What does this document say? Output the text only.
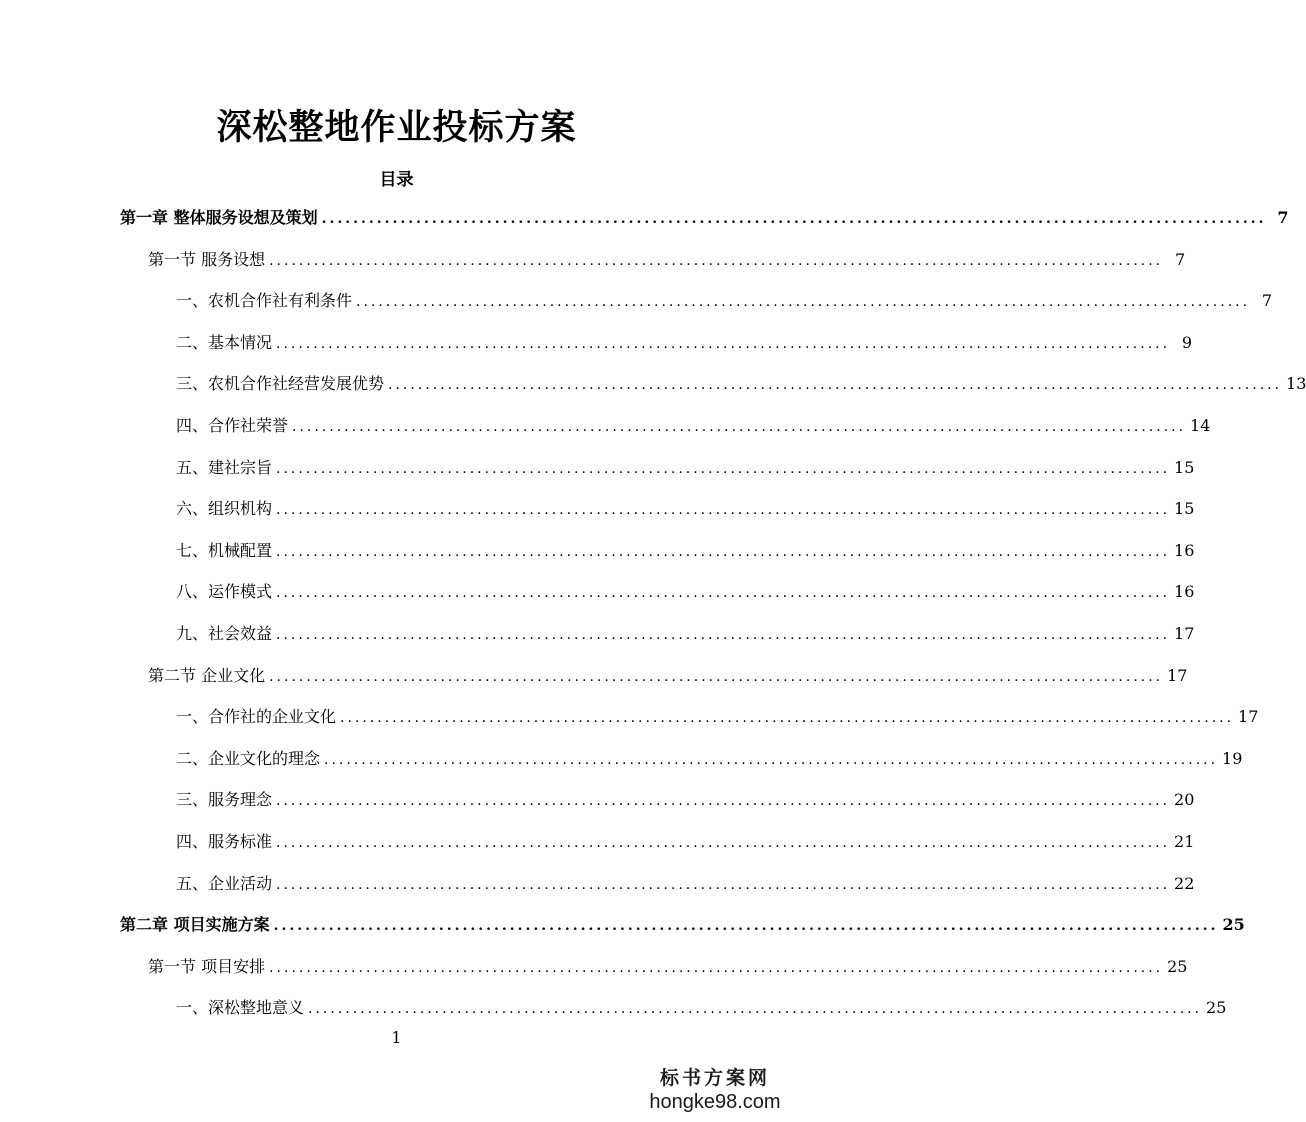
深松整地作业投标方案
目录
第一章 整体服务设想及策划 ........................................................................................................................ 7
第一节 服务设想 ........................................................................................................................ 7
一、农机合作社有利条件 ........................................................................................................................ 7
二、基本情况 ........................................................................................................................ 9
三、农机合作社经营发展优势 ........................................................................................................................ 13
四、合作社荣誉 ........................................................................................................................ 14
五、建社宗旨 ........................................................................................................................ 15
六、组织机构 ........................................................................................................................ 15
七、机械配置 ........................................................................................................................ 16
八、运作模式 ........................................................................................................................ 16
九、社会效益 ........................................................................................................................ 17
第二节 企业文化 ........................................................................................................................ 17
一、合作社的企业文化 ........................................................................................................................ 17
二、企业文化的理念 ........................................................................................................................ 19
三、服务理念 ........................................................................................................................ 20
四、服务标准 ........................................................................................................................ 21
五、企业活动 ........................................................................................................................ 22
第二章 项目实施方案 ........................................................................................................................ 25
第一节 项目安排 ........................................................................................................................ 25
一、深松整地意义 ........................................................................................................................ 25
1
标书方案网
hongke98.com
